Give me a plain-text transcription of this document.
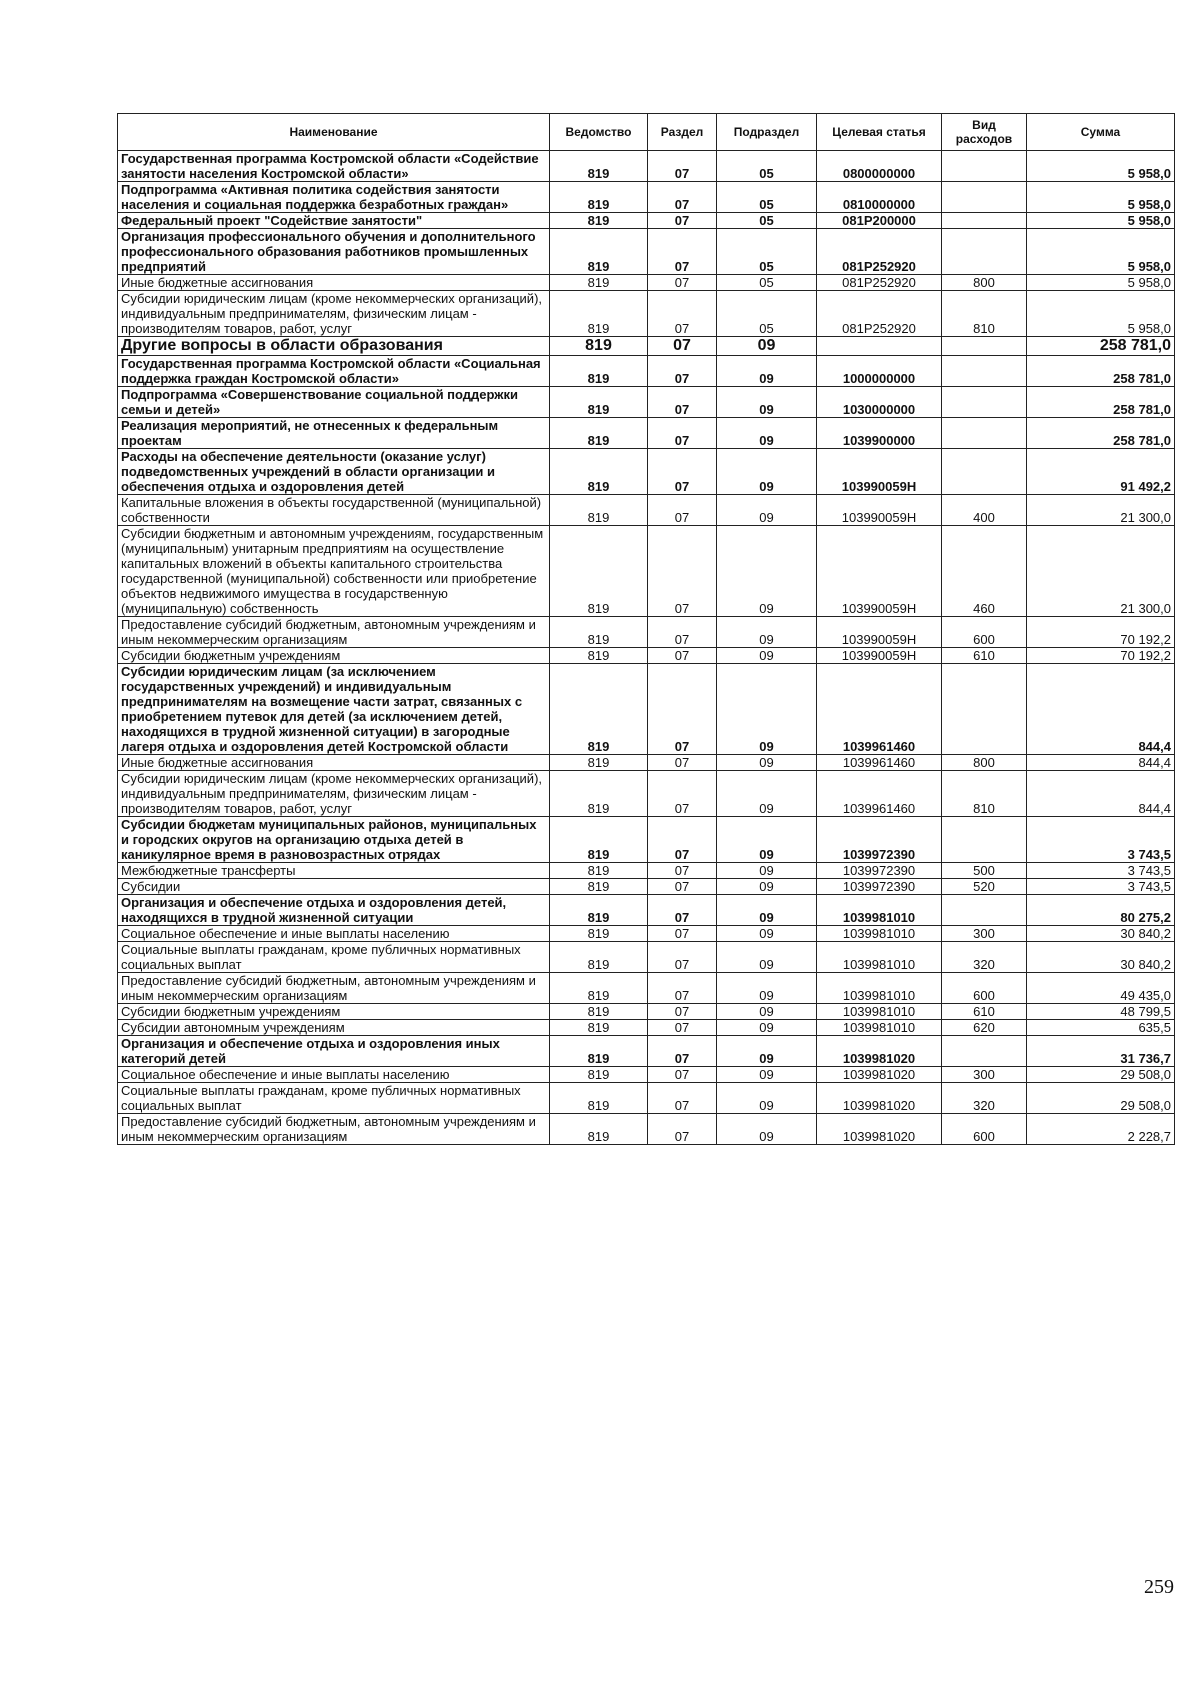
Наименование	Ведомство	Раздел	Подраздел	Целевая статья	Вид расходов	Сумма
Государственная программа Костромской области «Содействие занятости населения Костромской области»	819	07	05	0800000000		5 958,0
Подпрограмма «Активная политика содействия занятости населения и социальная поддержка безработных граждан»	819	07	05	0810000000		5 958,0
Федеральный проект "Содействие занятости"	819	07	05	081P200000		5 958,0
Организация профессионального обучения и дополнительного профессионального образования работников промышленных предприятий	819	07	05	081P252920		5 958,0
Иные бюджетные ассигнования	819	07	05	081P252920	800	5 958,0
Субсидии юридическим лицам (кроме некоммерческих организаций), индивидуальным предпринимателям, физическим лицам - производителям товаров, работ, услуг	819	07	05	081P252920	810	5 958,0
Другие вопросы в области образования	819	07	09			258 781,0
Государственная программа Костромской области «Социальная поддержка граждан Костромской области»	819	07	09	1000000000		258 781,0
Подпрограмма «Совершенствование социальной поддержки семьи и детей»	819	07	09	1030000000		258 781,0
Реализация мероприятий, не отнесенных к федеральным проектам	819	07	09	1039900000		258 781,0
Расходы на обеспечение деятельности (оказание услуг) подведомственных учреждений в области организации и обеспечения отдыха и оздоровления детей	819	07	09	103990059Н		91 492,2
Капитальные вложения в объекты государственной (муниципальной) собственности	819	07	09	103990059Н	400	21 300,0
Субсидии бюджетным и автономным учреждениям, государственным (муниципальным) унитарным предприятиям на осуществление капитальных вложений в объекты капитального строительства государственной (муниципальной) собственности или приобретение объектов недвижимого имущества в государственную (муниципальную) собственность	819	07	09	103990059Н	460	21 300,0
Предоставление субсидий бюджетным, автономным учреждениям и иным некоммерческим организациям	819	07	09	103990059Н	600	70 192,2
Субсидии бюджетным учреждениям	819	07	09	103990059Н	610	70 192,2
Субсидии юридическим лицам (за исключением государственных учреждений) и индивидуальным предпринимателям на возмещение части затрат, связанных с приобретением путевок для детей (за исключением детей, находящихся в трудной жизненной ситуации) в загородные лагеря отдыха и оздоровления детей Костромской области	819	07	09	1039961460		844,4
Иные бюджетные ассигнования	819	07	09	1039961460	800	844,4
Субсидии юридическим лицам (кроме некоммерческих организаций), индивидуальным предпринимателям, физическим лицам - производителям товаров, работ, услуг	819	07	09	1039961460	810	844,4
Субсидии бюджетам муниципальных районов, муниципальных и городских округов на организацию отдыха детей в каникулярное время в разновозрастных отрядах	819	07	09	1039972390		3 743,5
Межбюджетные трансферты	819	07	09	1039972390	500	3 743,5
Субсидии	819	07	09	1039972390	520	3 743,5
Организация и обеспечение отдыха и оздоровления детей, находящихся в трудной жизненной ситуации	819	07	09	1039981010		80 275,2
Социальное обеспечение и иные выплаты населению	819	07	09	1039981010	300	30 840,2
Социальные выплаты гражданам, кроме публичных нормативных социальных выплат	819	07	09	1039981010	320	30 840,2
Предоставление субсидий бюджетным, автономным учреждениям и иным некоммерческим организациям	819	07	09	1039981010	600	49 435,0
Субсидии бюджетным учреждениям	819	07	09	1039981010	610	48 799,5
Субсидии автономным учреждениям	819	07	09	1039981010	620	635,5
Организация и обеспечение отдыха и оздоровления иных категорий детей	819	07	09	1039981020		31 736,7
Социальное обеспечение и иные выплаты населению	819	07	09	1039981020	300	29 508,0
Социальные выплаты гражданам, кроме публичных нормативных социальных выплат	819	07	09	1039981020	320	29 508,0
Предоставление субсидий бюджетным, автономным учреждениям и иным некоммерческим организациям	819	07	09	1039981020	600	2 228,7
259
